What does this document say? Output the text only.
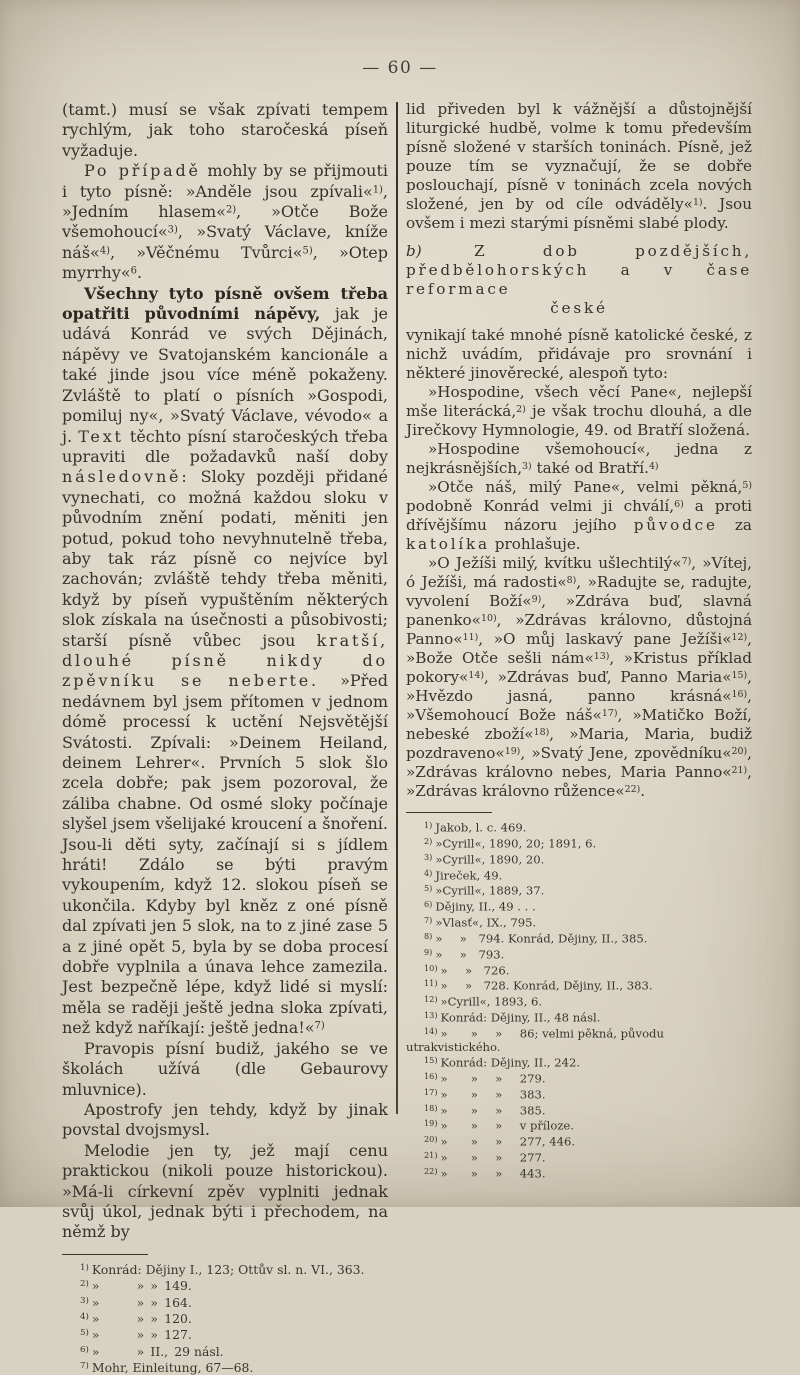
— 60 —
(tamt.) musí se však zpívati tempem rychlým, jak toho staročeská píseň vyžaduje.
Po případě mohly by se přijmouti i tyto písně: »Anděle jsou zpívali«$^{1)}$, »Jedním hlasem«$^{2)}$, »Otče Bože všemohoucí«$^{3)}$, »Svatý Václave, kníže náš«$^{4)}$, »Věčnému Tvůrci«$^{5)}$, »Otep myrrhy«$^6$.
Všechny tyto písně ovšem třeba opatřiti původními nápěvy, jak je udává Konrád ve svých Dějinách, nápěvy ve Svatojanském kancionále a také jinde jsou více méně pokaženy. Zvláště to platí o písních »Gospodi, pomiluj ny«, »Svatý Václave, vévodo« a j. Text těchto písní staročeských třeba upraviti dle požadavků naší doby následovně: Sloky později přidané vynechati, co možná každou sloku v původním znění podati, měniti jen potud, pokud toho nevyhnutelně třeba, aby tak ráz písně co nejvíce byl zachován; zvláště tehdy třeba měniti, když by píseň vypuštěním některých slok získala na úsečnosti a působivosti; starší písně vůbec jsou kratší, dlouhé písně nikdy do zpěvníku se neberte. »Před nedávnem byl jsem přítomen v jednom dómě processí k uctění Nejsvětější Svátosti. Zpívali: »Deinem Heiland, deinem Lehrer«. Prvních 5 slok šlo zcela dobře; pak jsem pozoroval, že záliba chabne. Od osmé sloky počínaje slyšel jsem všelijaké kroucení a šnoření. Jsou-li děti syty, začínají si s jídlem hráti! Zdálo se býti pravým vykoupením, když 12. slokou píseň se ukončila. Kdyby byl kněz z oné písně dal zpívati jen 5 slok, na to z jiné zase 5 a z jiné opět 5, byla by se doba procesí dobře vyplnila a únava lehce zamezila. Jest bezpečně lépe, když lidé si myslí: měla se raději ještě jedna sloka zpívati, než když naříkají: ještě jedna!«$^{7)}$
Pravopis písní budiž, jakého se ve školách užívá (dle Gebaurovy mluvnice).
Apostrofy jen tehdy, když by jinak povstal dvojsmysl.
Melodie jen ty, jež mají cenu praktickou (nikoli pouze historickou). »Má-li církevní zpěv vyplniti jednak svůj úkol, jednak býti i přechodem, na němž by
$^{1)}$ Konrád: Dějiny I., 123; Ottův sl. n. VI., 363.
$^{2)}$ »   » » 149.
$^{3)}$ »   » » 164.
$^{4)}$ »   » » 120.
$^{5)}$ »   » » 127.
$^{6)}$ »   » II., 29 násl.
$^{7)}$ Mohr, Einleitung, 67—68.
lid přiveden byl k vážnější a důstojnější liturgické hudbě, volme k tomu především písně složené v starších toninách. Písně, jež pouze tím se vyznačují, že se dobře poslouchají, písně v toninách zcela nových složené, jen by od cíle odváděly«$^{1)}$. Jsou ovšem i mezi starými písněmi slabé plody.
b) Z dob pozdějších, předbělohorských a v čase reformace
české
vynikají také mnohé písně katolické české, z nichž uvádím, přidávaje pro srovnání i některé jinověrecké, alespoň tyto:
»Hospodine, všech věcí Pane«, nejlepší mše literácká,$^{2)}$ je však trochu dlouhá, a dle Jirečkovy Hymnologie, 49. od Bratří složená.
»Hospodine všemohoucí«, jedna z nejkrásnějších,$^{3)}$ také od Bratří.$^{4)}$
»Otče náš, milý Pane«, velmi pěkná,$^{5)}$ podobně Konrád velmi ji chválí,$^{6)}$ a proti dřívějšímu názoru jejího původce za katolíka prohlašuje.
»O Ježíši milý, kvítku ušlechtilý«$^{7)}$, »Vítej, ó Ježíši, má radosti«$^{8)}$, »Radujte se, radujte, vyvolení Boží«$^{9)}$, »Zdráva buď, slavná panenko«$^{10)}$, »Zdrávas královno, důstojná Panno«$^{11)}$, »O můj laskavý pane Ježíši«$^{12)}$, »Bože Otče sešli nám«$^{13)}$, »Kristus příklad pokory«$^{14)}$, »Zdrávas buď, Panno Maria«$^{15)}$, »Hvězdo jasná, panno krásná«$^{16)}$, »Všemohoucí Bože náš«$^{17)}$, »Matičko Boží, nebeské zboží«$^{18)}$, »Maria, Maria, budiž pozdraveno«$^{19)}$, »Svatý Jene, zpovědníku«$^{20)}$, »Zdrávas královno nebes, Maria Panno«$^{21)}$, »Zdrávas královno růžence«$^{22)}$.
$^{1)}$ Jakob, l. c. 469.
$^{2)}$ »Cyrill«, 1890, 20; 1891, 6.
$^{3)}$ »Cyrill«, 1890, 20.
$^{4)}$ Jireček, 49.
$^{5)}$ »Cyrill«, 1889, 37.
$^{6)}$ Dějiny, II., 49 . . .
$^{7)}$ »Vlasť«, IX., 795.
$^{8)}$ »  » 794. Konrád, Dějiny, II., 385.
$^{9)}$ »  » 793.
$^{10)}$ »  » 726.
$^{11)}$ »  » 728. Konrád, Dějiny, II., 383.
$^{12)}$ »Cyrill«, 1893, 6.
$^{13)}$ Konrád: Dějiny, II., 48 násl.
$^{14)}$ »  »  »  86; velmi pěkná, původu utrakvistického.
$^{15)}$ Konrád: Dějiny, II., 242.
$^{16)}$ »  »  »  279.
$^{17)}$ »  »  »  383.
$^{18)}$ »  »  »  385.
$^{19)}$ »  »  »  v příloze.
$^{20)}$ »  »  »  277, 446.
$^{21)}$ »  »  »  277.
$^{22)}$ »  »  »  443.
